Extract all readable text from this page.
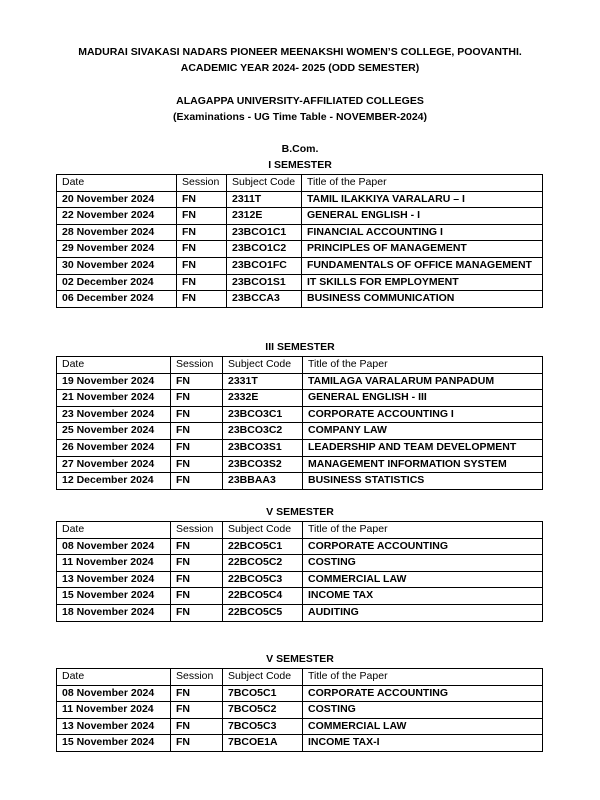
MADURAI SIVAKASI NADARS PIONEER MEENAKSHI WOMEN’S COLLEGE, POOVANTHI.
ACADEMIC YEAR 2024- 2025 (ODD SEMESTER)
ALAGAPPA UNIVERSITY-AFFILIATED COLLEGES
(Examinations - UG Time Table - NOVEMBER-2024)
B.Com.
I SEMESTER
Date	Session	Subject Code	Title of the Paper
20 November 2024	FN	2311T	TAMIL ILAKKIYA VARALARU – I
22 November 2024	FN	2312E	GENERAL ENGLISH - I
28 November 2024	FN	23BCO1C1	FINANCIAL ACCOUNTING I
29 November 2024	FN	23BCO1C2	PRINCIPLES OF MANAGEMENT
30 November 2024	FN	23BCO1FC	FUNDAMENTALS OF OFFICE MANAGEMENT
02 December 2024	FN	23BCO1S1	IT SKILLS FOR EMPLOYMENT
06 December 2024	FN	23BCCA3	BUSINESS COMMUNICATION
III SEMESTER
Date	Session	Subject Code	Title of the Paper
19 November 2024	FN	2331T	TAMILAGA VARALARUM PANPADUM
21 November 2024	FN	2332E	GENERAL ENGLISH - III
23 November 2024	FN	23BCO3C1	CORPORATE ACCOUNTING I
25 November 2024	FN	23BCO3C2	COMPANY LAW
26 November 2024	FN	23BCO3S1	LEADERSHIP AND TEAM DEVELOPMENT
27 November 2024	FN	23BCO3S2	MANAGEMENT INFORMATION SYSTEM
12 December 2024	FN	23BBAA3	BUSINESS STATISTICS
V SEMESTER
Date	Session	Subject Code	Title of the Paper
08 November 2024	FN	22BCO5C1	CORPORATE ACCOUNTING
11 November 2024	FN	22BCO5C2	COSTING
13 November 2024	FN	22BCO5C3	COMMERCIAL LAW
15 November 2024	FN	22BCO5C4	INCOME TAX
18 November 2024	FN	22BCO5C5	AUDITING
V SEMESTER
Date	Session	Subject Code	Title of the Paper
08 November 2024	FN	7BCO5C1	CORPORATE ACCOUNTING
11 November 2024	FN	7BCO5C2	COSTING
13 November 2024	FN	7BCO5C3	COMMERCIAL LAW
15 November 2024	FN	7BCOE1A	INCOME TAX-I
